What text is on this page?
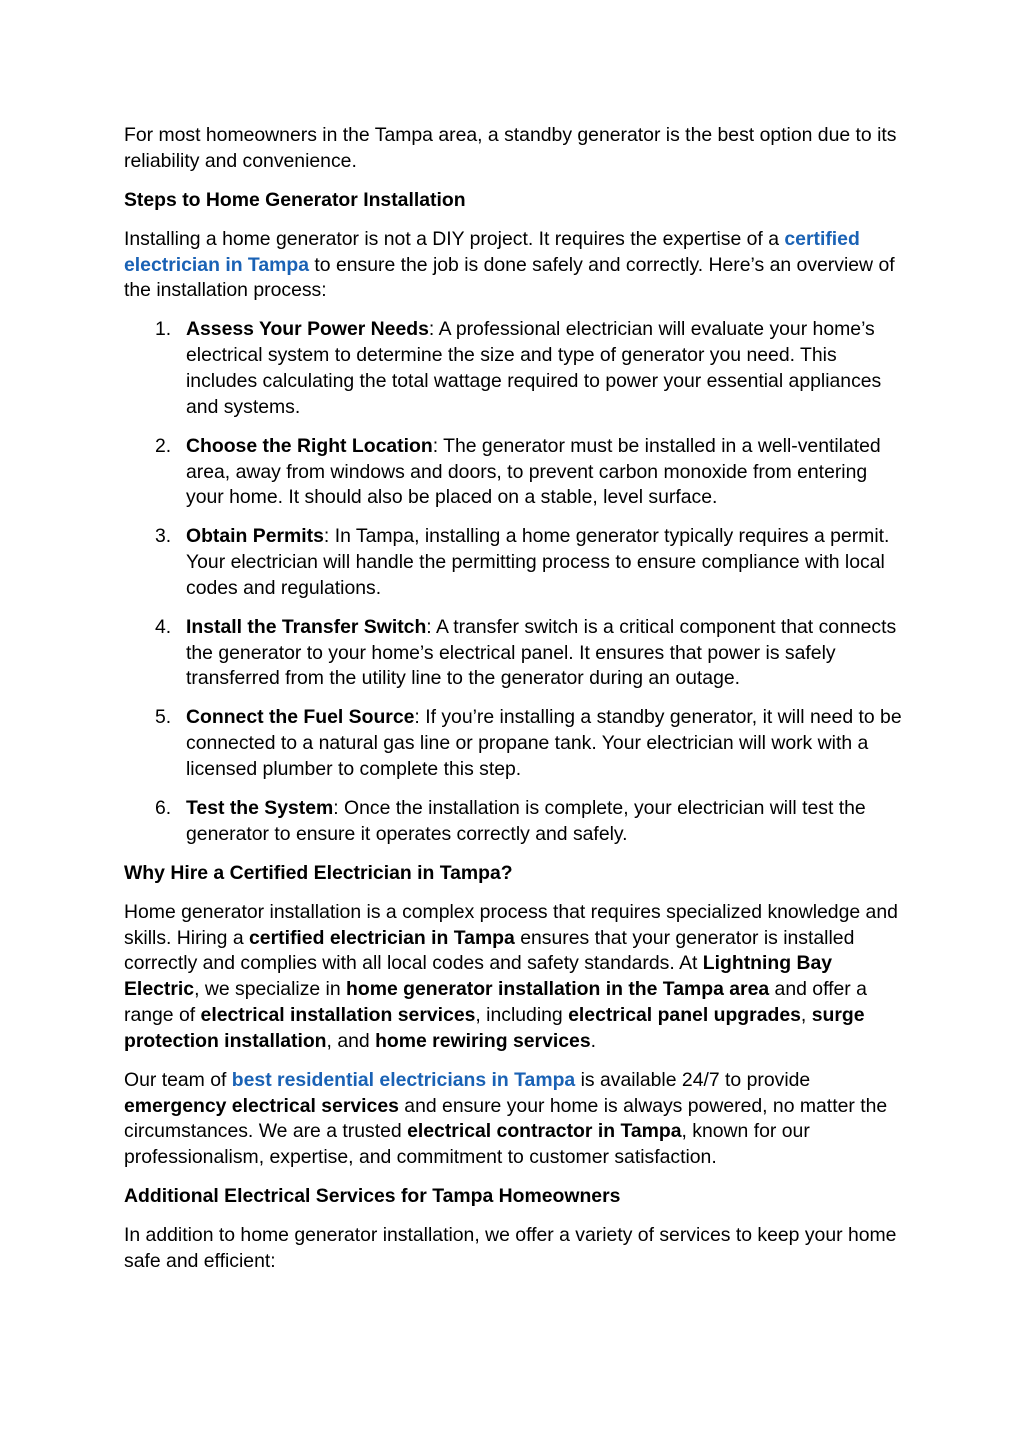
For most homeowners in the Tampa area, a standby generator is the best option due to its reliability and convenience.

Steps to Home Generator Installation

Installing a home generator is not a DIY project. It requires the expertise of a certified electrician in Tampa to ensure the job is done safely and correctly. Here’s an overview of the installation process:

1. Assess Your Power Needs: A professional electrician will evaluate your home’s electrical system to determine the size and type of generator you need. This includes calculating the total wattage required to power your essential appliances and systems.
2. Choose the Right Location: The generator must be installed in a well-ventilated area, away from windows and doors, to prevent carbon monoxide from entering your home. It should also be placed on a stable, level surface.
3. Obtain Permits: In Tampa, installing a home generator typically requires a permit. Your electrician will handle the permitting process to ensure compliance with local codes and regulations.
4. Install the Transfer Switch: A transfer switch is a critical component that connects the generator to your home’s electrical panel. It ensures that power is safely transferred from the utility line to the generator during an outage.
5. Connect the Fuel Source: If you’re installing a standby generator, it will need to be connected to a natural gas line or propane tank. Your electrician will work with a licensed plumber to complete this step.
6. Test the System: Once the installation is complete, your electrician will test the generator to ensure it operates correctly and safely.
Why Hire a Certified Electrician in Tampa?

Home generator installation is a complex process that requires specialized knowledge and skills. Hiring a certified electrician in Tampa ensures that your generator is installed correctly and complies with all local codes and safety standards. At Lightning Bay Electric, we specialize in home generator installation in the Tampa area and offer a range of electrical installation services, including electrical panel upgrades, surge protection installation, and home rewiring services.

Our team of best residential electricians in Tampa is available 24/7 to provide emergency electrical services and ensure your home is always powered, no matter the circumstances. We are a trusted electrical contractor in Tampa, known for our professionalism, expertise, and commitment to customer satisfaction.

Additional Electrical Services for Tampa Homeowners

In addition to home generator installation, we offer a variety of services to keep your home safe and efficient:
